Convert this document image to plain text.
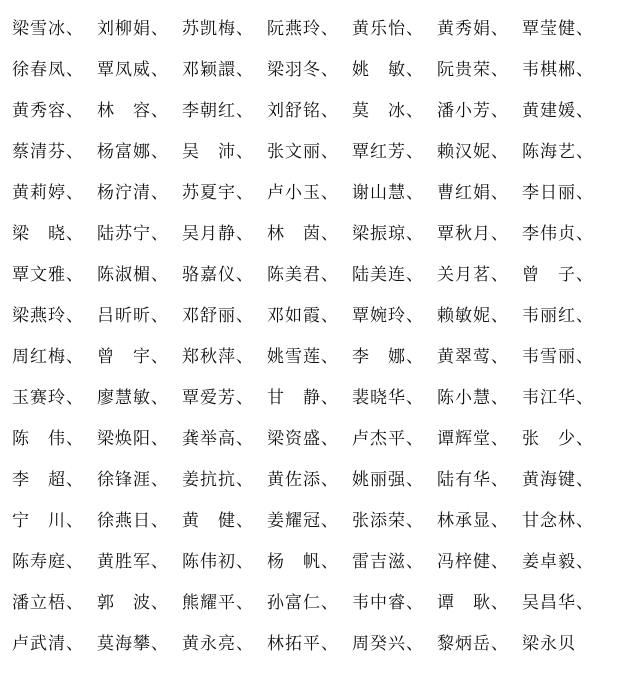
梁雪冰、 刘柳娟、 苏凯梅、 阮燕玲、 黄乐怡、 黄秀娟、 覃莹健、
徐春凤、 覃凤威、 邓颖譞、 梁羽冬、 姚　敏、 阮贵荣、 韦棋郴、
黄秀容、 林　容、 李朝红、 刘舒铭、 莫　冰、 潘小芳、 黄建媛、
蔡清芬、 杨富娜、 吴　沛、 张文丽、 覃红芳、 赖汉妮、 陈海艺、
黄莉婷、 杨泞清、 苏夏宇、 卢小玉、 谢山慧、 曹红娟、 李日丽、
梁　晓、 陆苏宁、 吴月静、 林　茵、 梁振琼、 覃秋月、 李伟贞、
覃文雅、 陈淑楣、 骆嘉仪、 陈美君、 陆美连、 关月茗、 曾　子、
梁燕玲、 吕昕昕、 邓舒丽、 邓如霞、 覃婉玲、 赖敏妮、 韦丽红、
周红梅、 曾　宇、 郑秋萍、 姚雪莲、 李　娜、 黄翠莺、 韦雪丽、
玉赛玲、 廖慧敏、 覃爱芳、 甘　静、 裴晓华、 陈小慧、 韦江华、
陈　伟、 梁焕阳、 龚举高、 梁资盛、 卢杰平、 谭辉堂、 张　少、
李　超、 徐锋涯、 姜抗抗、 黄佐添、 姚丽强、 陆有华、 黄海键、
宁　川、 徐燕日、 黄　健、 姜耀冠、 张添荣、 林承显、 甘念林、
陈寿庭、 黄胜军、 陈伟初、 杨　帆、 雷吉滋、 冯梓健、 姜卓毅、
潘立梧、 郭　波、 熊耀平、 孙富仁、 韦中睿、 谭　耿、 吴昌华、
卢武清、 莫海攀、 黄永亮、 林拓平、 周癸兴、 黎炳岳、 梁永贝
